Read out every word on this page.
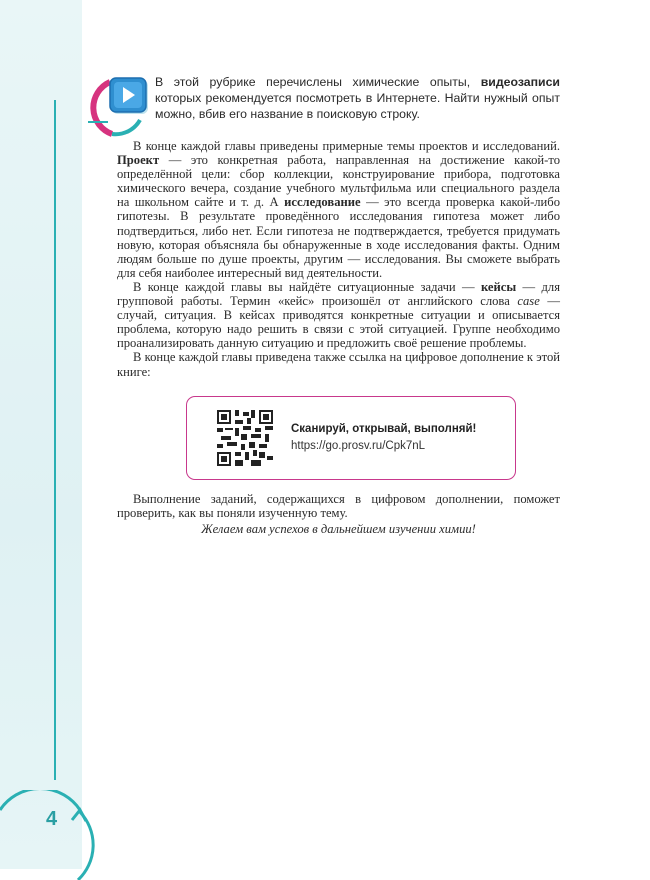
В этой рубрике перечислены химические опыты, видеозаписи которых рекомендуется посмотреть в Интернете. Найти нужный опыт можно, вбив его название в поисковую строку.

В конце каждой главы приведены примерные темы проектов и исследований. Проект — это конкретная работа, направленная на достижение какой-то определённой цели: сбор коллекции, конструирование прибора, подготовка химического вечера, создание учебного мультфильма или специального раздела на школьном сайте и т. д. А исследование — это всегда проверка какой-либо гипотезы. В результате проведённого исследования гипотеза может либо подтвердиться, либо нет. Если гипотеза не подтверждается, требуется придумать новую, которая объясняла бы обнаруженные в ходе исследования факты. Одним людям больше по душе проекты, другим — исследования. Вы сможете выбрать для себя наиболее интересный вид деятельности.

В конце каждой главы вы найдёте ситуационные задачи — кейсы — для групповой работы. Термин «кейс» произошёл от английского слова case — случай, ситуация. В кейсах приводятся конкретные ситуации и описывается проблема, которую надо решить в связи с этой ситуацией. Группе необходимо проанализировать данную ситуацию и предложить своё решение проблемы.

В конце каждой главы приведена также ссылка на цифровое дополнение к этой книге:

Сканируй, открывай, выполняй!
https://go.prosv.ru/Cpk7nL

Выполнение заданий, содержащихся в цифровом дополнении, поможет проверить, как вы поняли изученную тему.

Желаем вам успехов в дальнейшем изучении химии!
4
